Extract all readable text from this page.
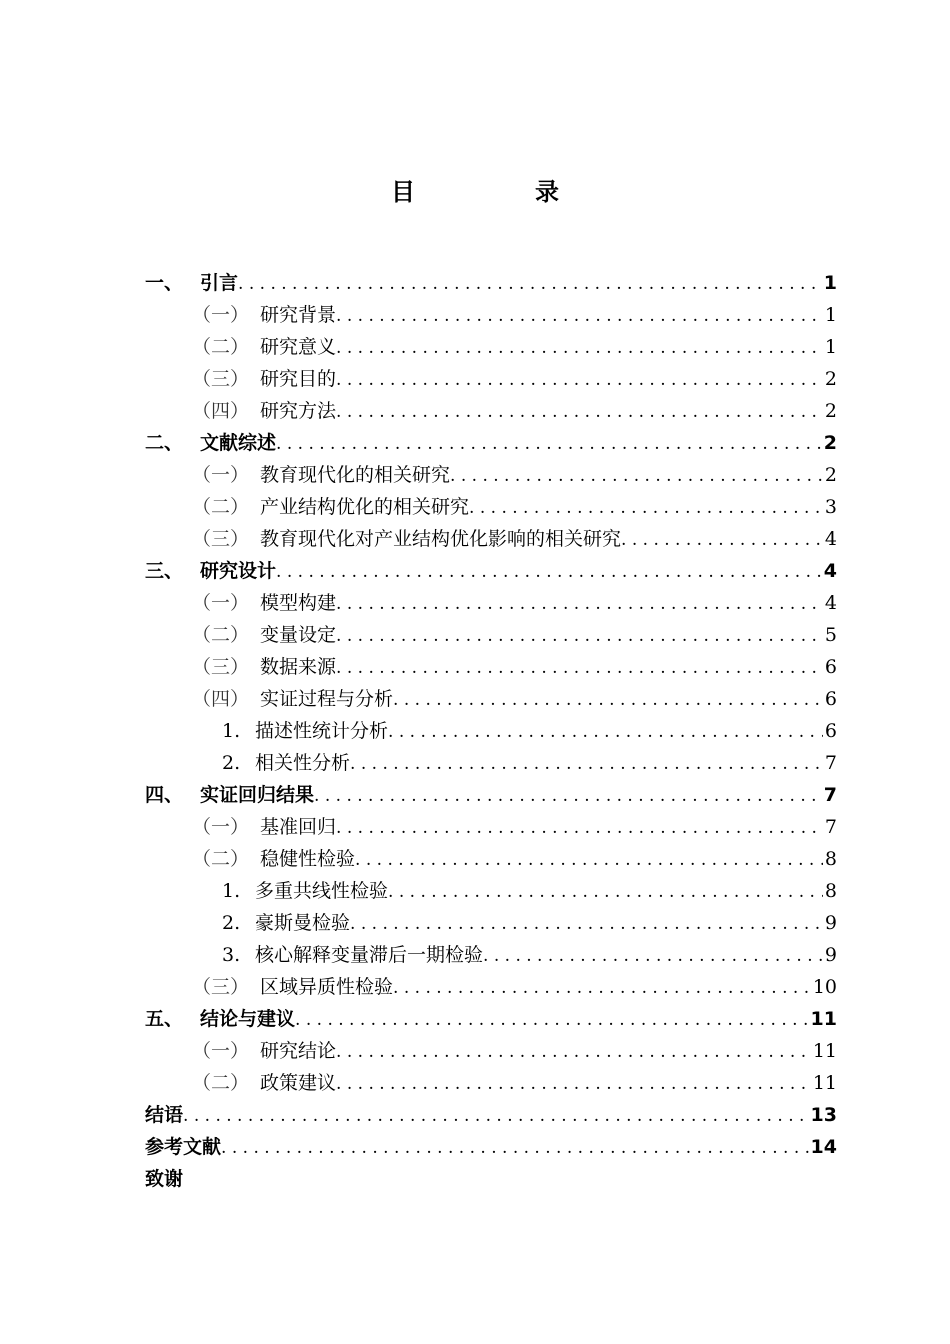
目　录
一、 引言 . . .	1
（一） 研究背景 . . .	1
（二） 研究意义 . . .	1
（三） 研究目的 . . .	2
（四） 研究方法 . . .	2
二、 文献综述 . . .	2
（一） 教育现代化的相关研究 . . .	2
（二） 产业结构优化的相关研究 . . .	3
（三） 教育现代化对产业结构优化影响的相关研究 . . .	4
三、 研究设计 . . .	4
（一） 模型构建 . . .	4
（二） 变量设定 . . .	5
（三） 数据来源 . . .	6
（四） 实证过程与分析 . . .	6
1. 描述性统计分析 . . .	6
2. 相关性分析 . . .	7
四、 实证回归结果 . . .	7
（一） 基准回归 . . .	7
（二） 稳健性检验 . . .	8
1. 多重共线性检验 . . .	8
2. 豪斯曼检验 . . .	9
3. 核心解释变量滞后一期检验 . . .	9
（三） 区域异质性检验 . . .	10
五、 结论与建议 . . .	11
（一） 研究结论 . . .	11
（二） 政策建议 . . .	11
结语 . . .	13
参考文献 . . .	14
致谢
